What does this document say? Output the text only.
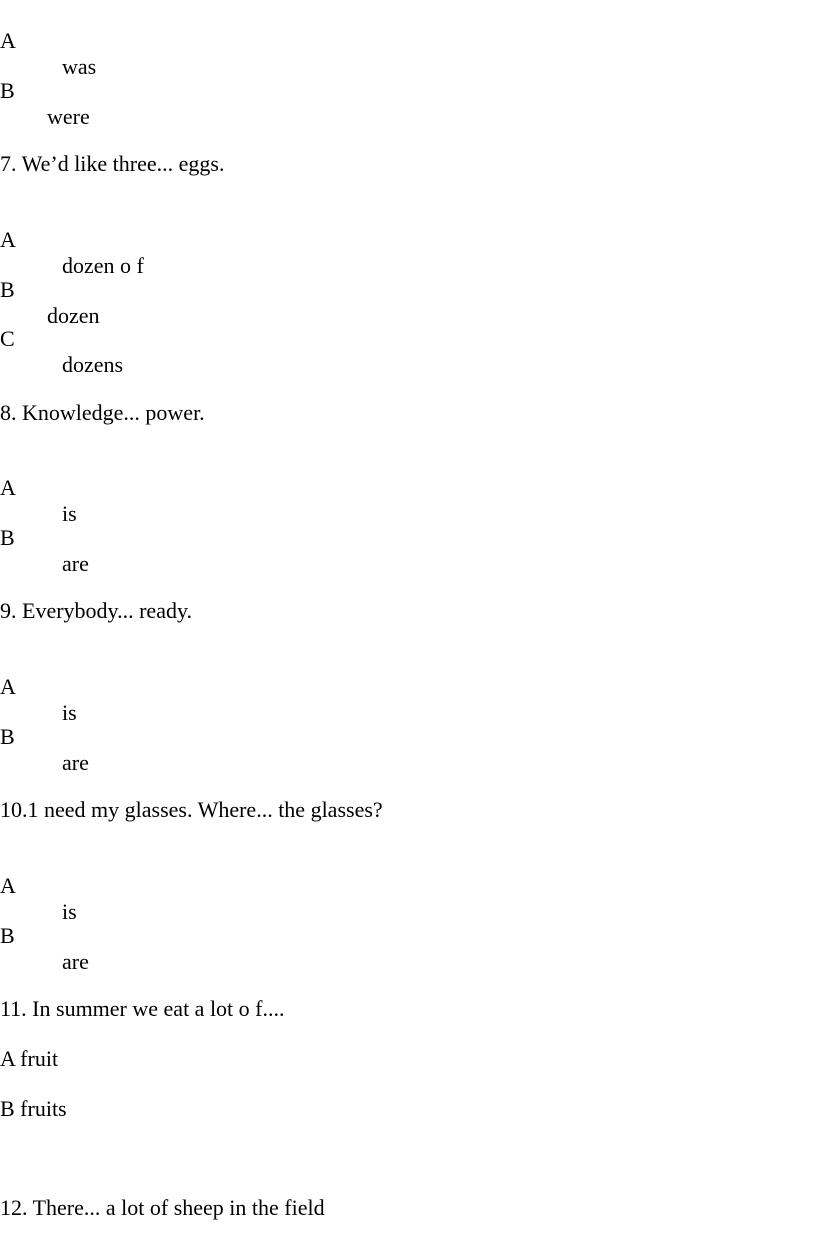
A

was

B

were

7. We’d like three... eggs.

A

dozen o f

B

dozen

C

dozens

8. Knowledge... power.

A

is

B

are

9. Everybody... ready.

A

is

B

are

10.1 need my glasses. Where... the glasses?

A

is

B

are

11. In summer we eat a lot o f....
A fruit
B fruits
12. There... a lot of sheep in the field
